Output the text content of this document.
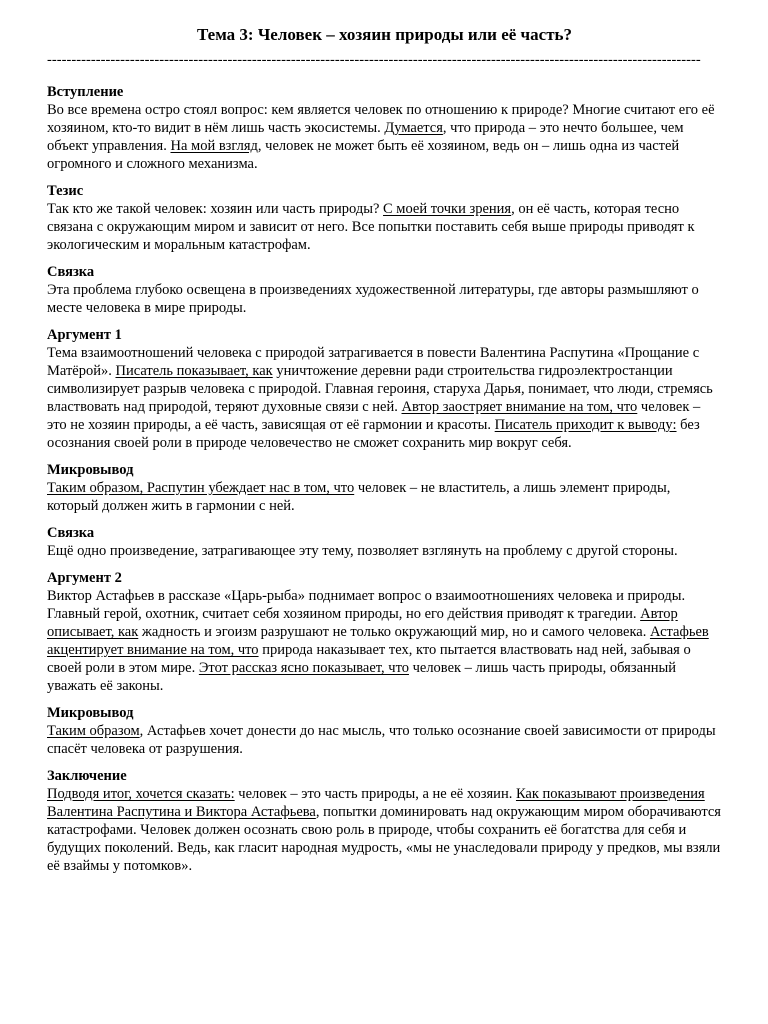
Тема 3: Человек – хозяин природы или её часть?
--------------------------------------------------------------------------------------------------------------------------------------
Вступление

Во все времена остро стоял вопрос: кем является человек по отношению к природе? Многие считают его её хозяином, кто-то видит в нём лишь часть экосистемы. Думается, что природа – это нечто большее, чем объект управления. На мой взгляд, человек не может быть её хозяином, ведь он – лишь одна из частей огромного и сложного механизма.

Тезис

Так кто же такой человек: хозяин или часть природы? С моей точки зрения, он её часть, которая тесно связана с окружающим миром и зависит от него. Все попытки поставить себя выше природы приводят к экологическим и моральным катастрофам.

Связка

Эта проблема глубоко освещена в произведениях художественной литературы, где авторы размышляют о месте человека в мире природы.

Аргумент 1

Тема взаимоотношений человека с природой затрагивается в повести Валентина Распутина «Прощание с Матёрой». Писатель показывает, как уничтожение деревни ради строительства гидроэлектростанции символизирует разрыв человека с природой. Главная героиня, старуха Дарья, понимает, что люди, стремясь властвовать над природой, теряют духовные связи с ней. Автор заостряет внимание на том, что человек – это не хозяин природы, а её часть, зависящая от её гармонии и красоты. Писатель приходит к выводу: без осознания своей роли в природе человечество не сможет сохранить мир вокруг себя.

Микровывод

Таким образом, Распутин убеждает нас в том, что человек – не властитель, а лишь элемент природы, который должен жить в гармонии с ней.

Связка

Ещё одно произведение, затрагивающее эту тему, позволяет взглянуть на проблему с другой стороны.

Аргумент 2

Виктор Астафьев в рассказе «Царь-рыба» поднимает вопрос о взаимоотношениях человека и природы. Главный герой, охотник, считает себя хозяином природы, но его действия приводят к трагедии. Автор описывает, как жадность и эгоизм разрушают не только окружающий мир, но и самого человека. Астафьев акцентирует внимание на том, что природа наказывает тех, кто пытается властвовать над ней, забывая о своей роли в этом мире. Этот рассказ ясно показывает, что человек – лишь часть природы, обязанный уважать её законы.

Микровывод

Таким образом, Астафьев хочет донести до нас мысль, что только осознание своей зависимости от природы спасёт человека от разрушения.

Заключение

Подводя итог, хочется сказать: человек – это часть природы, а не её хозяин. Как показывают произведения Валентина Распутина и Виктора Астафьева, попытки доминировать над окружающим миром оборачиваются катастрофами. Человек должен осознать свою роль в природе, чтобы сохранить её богатства для себя и будущих поколений. Ведь, как гласит народная мудрость, «мы не унаследовали природу у предков, мы взяли её взаймы у потомков».
